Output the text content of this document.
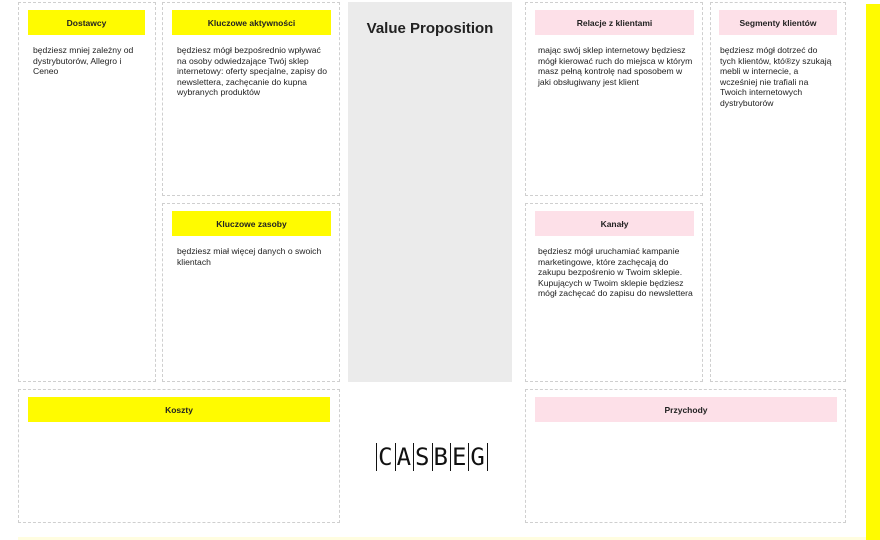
Dostawcy
będziesz mniej zależny od dystrybutorów, Allegro i Ceneo
Kluczowe aktywności
będziesz mógł bezpośrednio wpływać na osoby odwiedzające Twój sklep internetowy: oferty specjalne, zapisy do newslettera, zachęcanie do kupna wybranych produktów
Kluczowe zasoby
będziesz miał więcej danych o swoich klientach
Value Proposition	Relacje z klientami
mając swój sklep internetowy będziesz mógł kierować ruch do miejsca w którym masz pełną kontrolę nad sposobem w jaki obsługiwany jest klient
Kanały
będziesz mógł uruchamiać kampanie marketingowe, które zachęcają do zakupu bezpośrenio w Twoim sklepie. Kupujących w Twoim sklepie będziesz mógł zachęcać do zapisu do newslettera
Segmenty klientów
będziesz mógł dotrzeć do tych klientów, któ®zy szukają mebli w internecie, a wcześniej nie trafiali na Twoich internetowych dystrybutorów
Koszty
C A S B E G
Przychody
